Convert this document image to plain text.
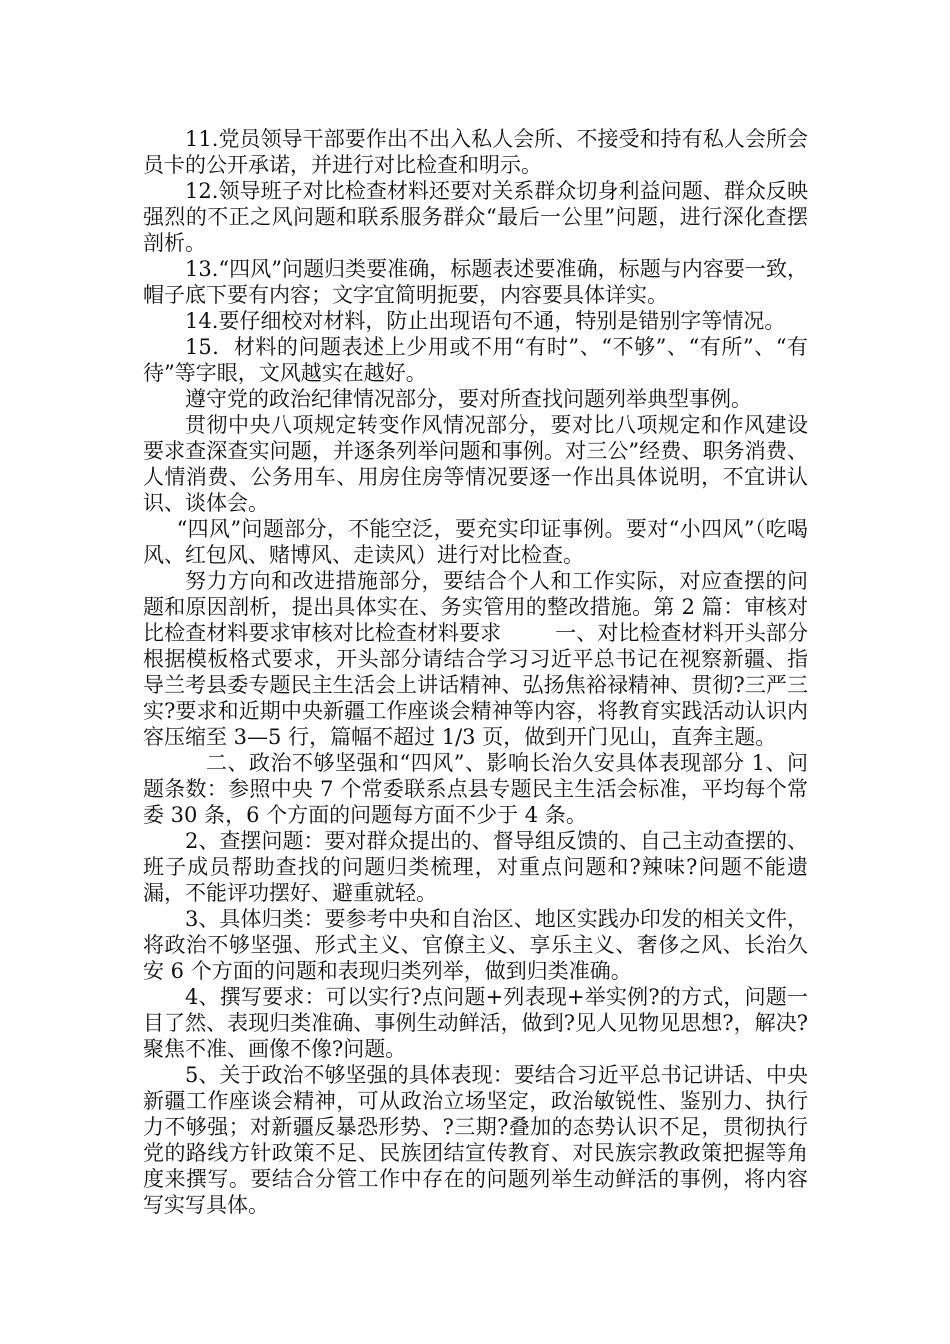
11.党员领导干部要作出不出入私人会所、不接受和持有私人会所会员卡的公开承诺，并进行对比检查和明示。

12.领导班子对比检查材料还要对关系群众切身利益问题、群众反映强烈的不正之风问题和联系服务群众“最后一公里”问题，进行深化查摆剖析。

13.“四风”问题归类要准确，标题表述要准确，标题与内容要一致，帽子底下要有内容；文字宜简明扼要，内容要具体详实。

14.要仔细校对材料，防止出现语句不通，特别是错别字等情况。

15．材料的问题表述上少用或不用“有时”、“不够”、“有所”、“有待”等字眼，文风越实在越好。

遵守党的政治纪律情况部分，要对所查找问题列举典型事例。

贯彻中央八项规定转变作风情况部分，要对比八项规定和作风建设要求查深查实问题，并逐条列举问题和事例。对三公”经费、职务消费、人情消费、公务用车、用房住房等情况要逐一作出具体说明，不宜讲认识、谈体会。

“四风”问题部分，不能空泛，要充实印证事例。要对“小四风”（吃喝风、红包风、赌博风、走读风）进行对比检查。

努力方向和改进措施部分，要结合个人和工作实际，对应查摆的问题和原因剖析，提出具体实在、务实管用的整改措施。第 2 篇：审核对比检查材料要求审核对比检查材料要求        一、对比检查材料开头部分        根据模板格式要求，开头部分请结合学习习近平总书记在视察新疆、指导兰考县委专题民主生活会上讲话精神、弘扬焦裕禄精神、贯彻?三严三实?要求和近期中央新疆工作座谈会精神等内容，将教育实践活动认识内容压缩至 3—5 行，篇幅不超过 1/3 页，做到开门见山，直奔主题。

二、政治不够坚强和“四风”、影响长治久安具体表现部分 1、问题条数：参照中央 7 个常委联系点县专题民主生活会标准，平均每个常委 30 条，6 个方面的问题每方面不少于 4 条。

2、查摆问题：要对群众提出的、督导组反馈的、自己主动查摆的、班子成员帮助查找的问题归类梳理，对重点问题和?辣味?问题不能遗漏，不能评功摆好、避重就轻。

3、具体归类：要参考中央和自治区、地区实践办印发的相关文件，将政治不够坚强、形式主义、官僚主义、享乐主义、奢侈之风、长治久安 6 个方面的问题和表现归类列举，做到归类准确。

4、撰写要求：可以实行?点问题+列表现+举实例?的方式，问题一目了然、表现归类准确、事例生动鲜活，做到?见人见物见思想?，解决?聚焦不准、画像不像?问题。

5、关于政治不够坚强的具体表现：要结合习近平总书记讲话、中央新疆工作座谈会精神，可从政治立场坚定，政治敏锐性、鉴别力、执行力不够强；对新疆反暴恐形势、?三期?叠加的态势认识不足，贯彻执行党的路线方针政策不足、民族团结宣传教育、对民族宗教政策把握等角度来撰写。要结合分管工作中存在的问题列举生动鲜活的事例，将内容写实写具体。
